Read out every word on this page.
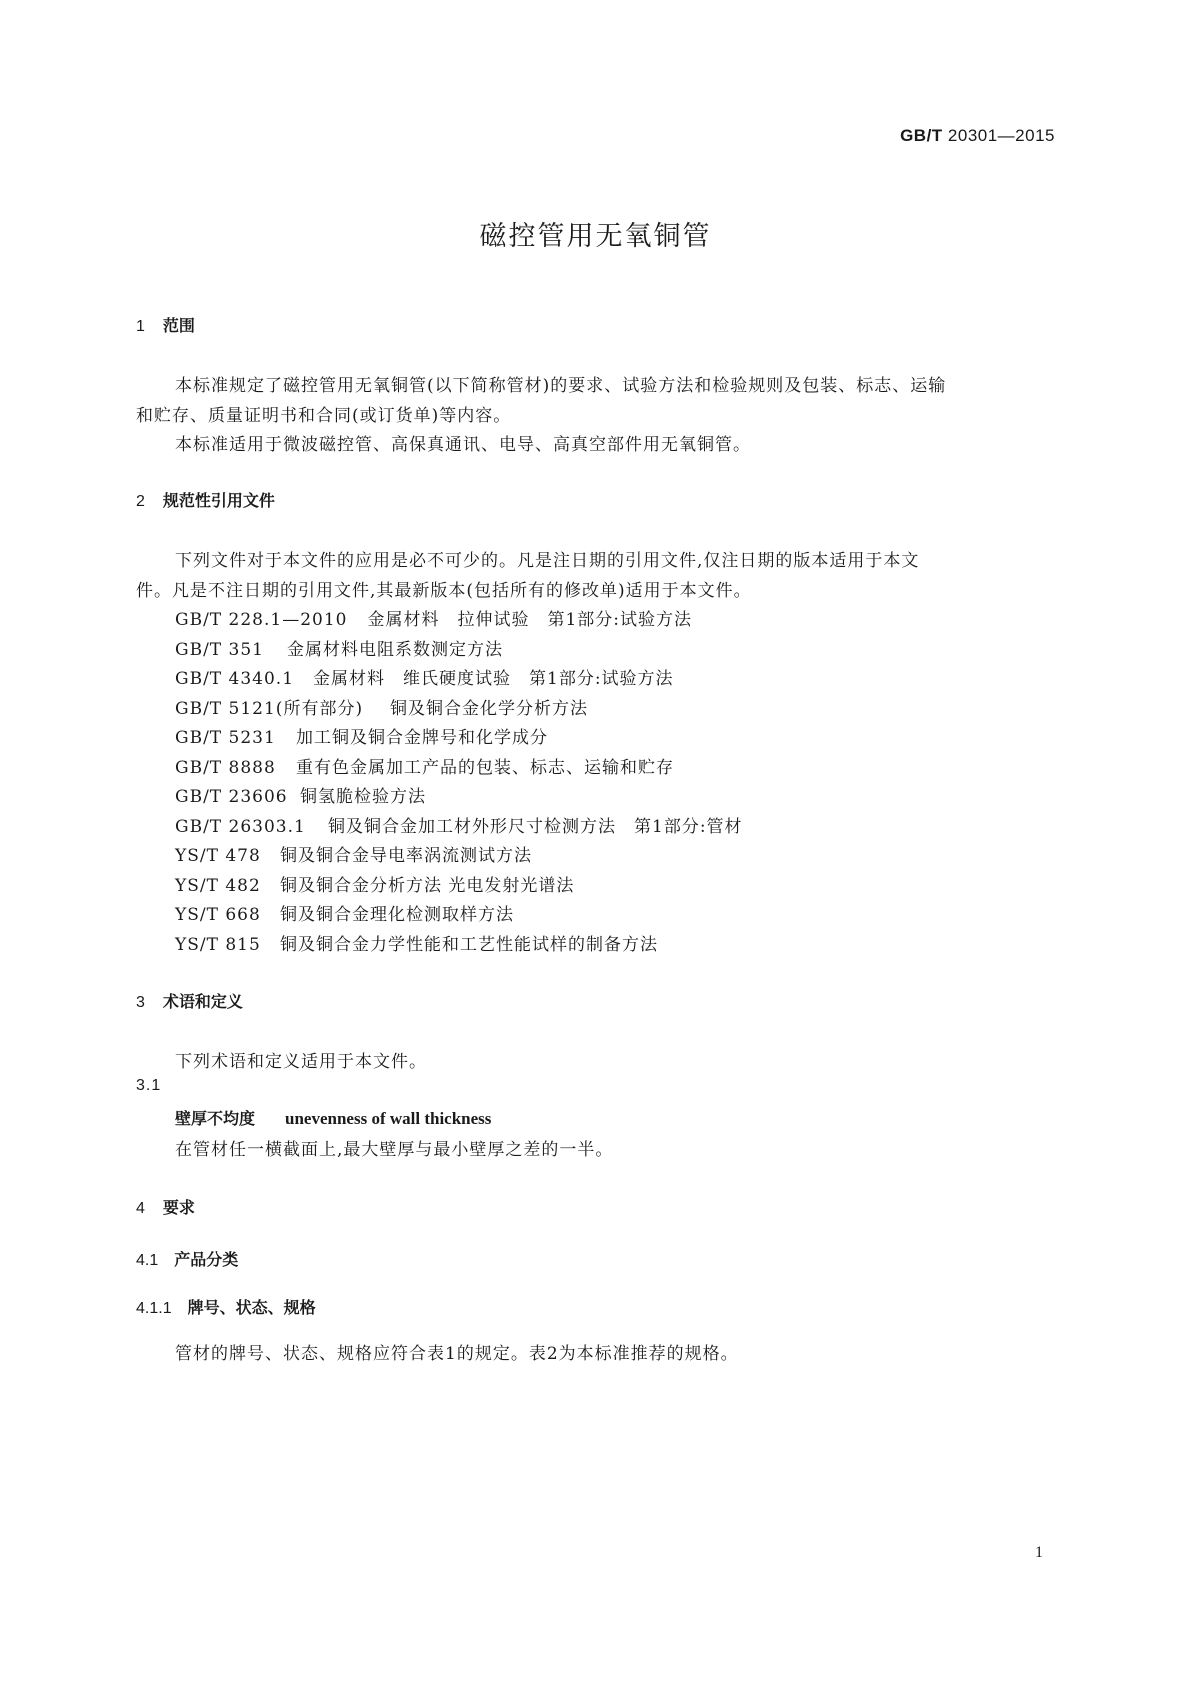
GB/T 20301—2015
磁控管用无氧铜管
1 范围
本标准规定了磁控管用无氧铜管(以下简称管材)的要求、试验方法和检验规则及包装、标志、运输
和贮存、质量证明书和合同(或订货单)等内容。
本标准适用于微波磁控管、高保真通讯、电导、高真空部件用无氧铜管。
2 规范性引用文件
下列文件对于本文件的应用是必不可少的。凡是注日期的引用文件,仅注日期的版本适用于本文
件。凡是不注日期的引用文件,其最新版本(包括所有的修改单)适用于本文件。
GB/T 228.1—2010 金属材料　拉伸试验　第1部分:试验方法
GB/T 351 金属材料电阻系数测定方法
GB/T 4340.1 金属材料　维氏硬度试验　第1部分:试验方法
GB/T 5121(所有部分) 铜及铜合金化学分析方法
GB/T 5231 加工铜及铜合金牌号和化学成分
GB/T 8888 重有色金属加工产品的包装、标志、运输和贮存
GB/T 23606 铜氢脆检验方法
GB/T 26303.1 铜及铜合金加工材外形尺寸检测方法　第1部分:管材
YS/T 478 铜及铜合金导电率涡流测试方法
YS/T 482 铜及铜合金分析方法 光电发射光谱法
YS/T 668 铜及铜合金理化检测取样方法
YS/T 815 铜及铜合金力学性能和工艺性能试样的制备方法
3 术语和定义
下列术语和定义适用于本文件。
3.1
壁厚不均度 unevenness of wall thickness
在管材任一横截面上,最大壁厚与最小壁厚之差的一半。
4 要求
4.1 产品分类
4.1.1 牌号、状态、规格
管材的牌号、状态、规格应符合表1的规定。表2为本标准推荐的规格。
1
